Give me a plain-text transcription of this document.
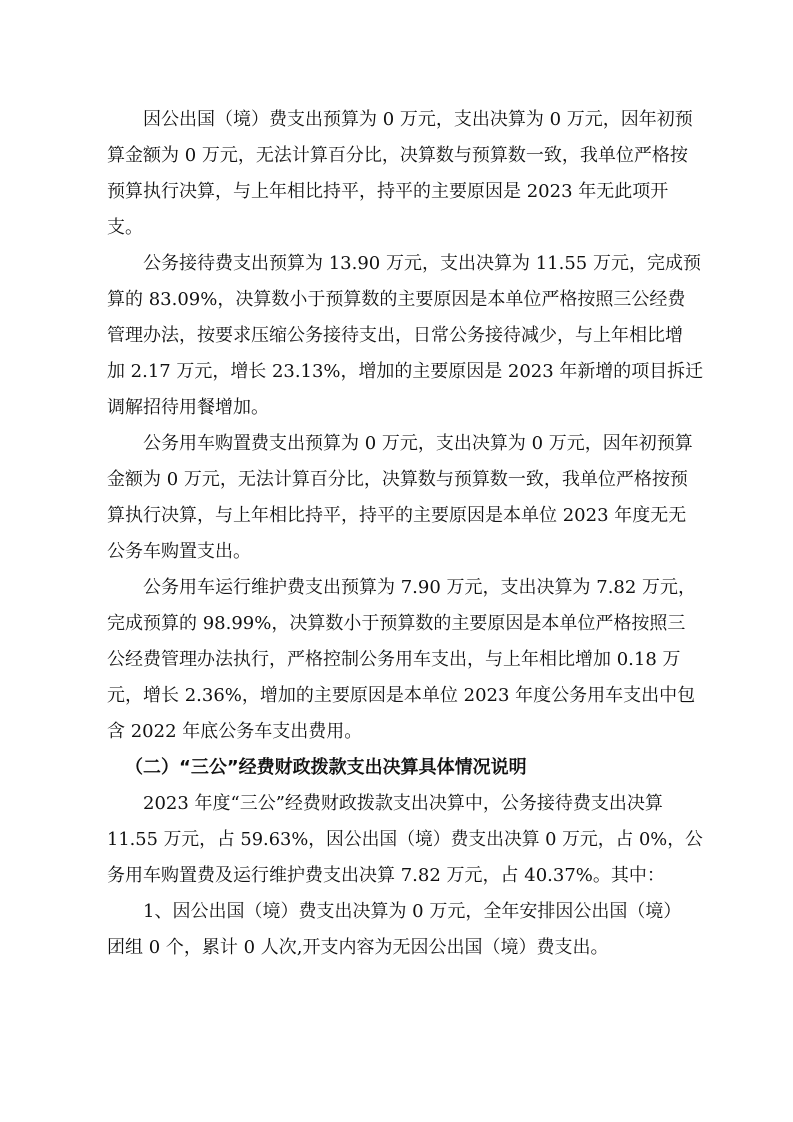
因公出国（境）费支出预算为 0 万元，支出决算为 0 万元，因年初预
算金额为 0 万元，无法计算百分比，决算数与预算数一致，我单位严格按
预算执行决算，与上年相比持平，持平的主要原因是 2023 年无此项开
支。
公务接待费支出预算为 13.90 万元，支出决算为 11.55 万元，完成预
算的 83.09%，决算数小于预算数的主要原因是本单位严格按照三公经费
管理办法，按要求压缩公务接待支出，日常公务接待减少，与上年相比增
加 2.17 万元，增长 23.13%，增加的主要原因是 2023 年新增的项目拆迁
调解招待用餐增加。
公务用车购置费支出预算为 0 万元，支出决算为 0 万元，因年初预算
金额为 0 万元，无法计算百分比，决算数与预算数一致，我单位严格按预
算执行决算，与上年相比持平，持平的主要原因是本单位 2023 年度无无
公务车购置支出。
公务用车运行维护费支出预算为 7.90 万元，支出决算为 7.82 万元，
完成预算的 98.99%，决算数小于预算数的主要原因是本单位严格按照三
公经费管理办法执行，严格控制公务用车支出，与上年相比增加 0.18 万
元，增长 2.36%，增加的主要原因是本单位 2023 年度公务用车支出中包
含 2022 年底公务车支出费用。
（二）“三公”经费财政拨款支出决算具体情况说明
2023 年度“三公”经费财政拨款支出决算中，公务接待费支出决算
11.55 万元，占 59.63%，因公出国（境）费支出决算 0 万元，占 0%，公
务用车购置费及运行维护费支出决算 7.82 万元，占 40.37%。其中：
1、因公出国（境）费支出决算为 0 万元，全年安排因公出国（境）
团组 0 个，累计 0 人次,开支内容为无因公出国（境）费支出。
